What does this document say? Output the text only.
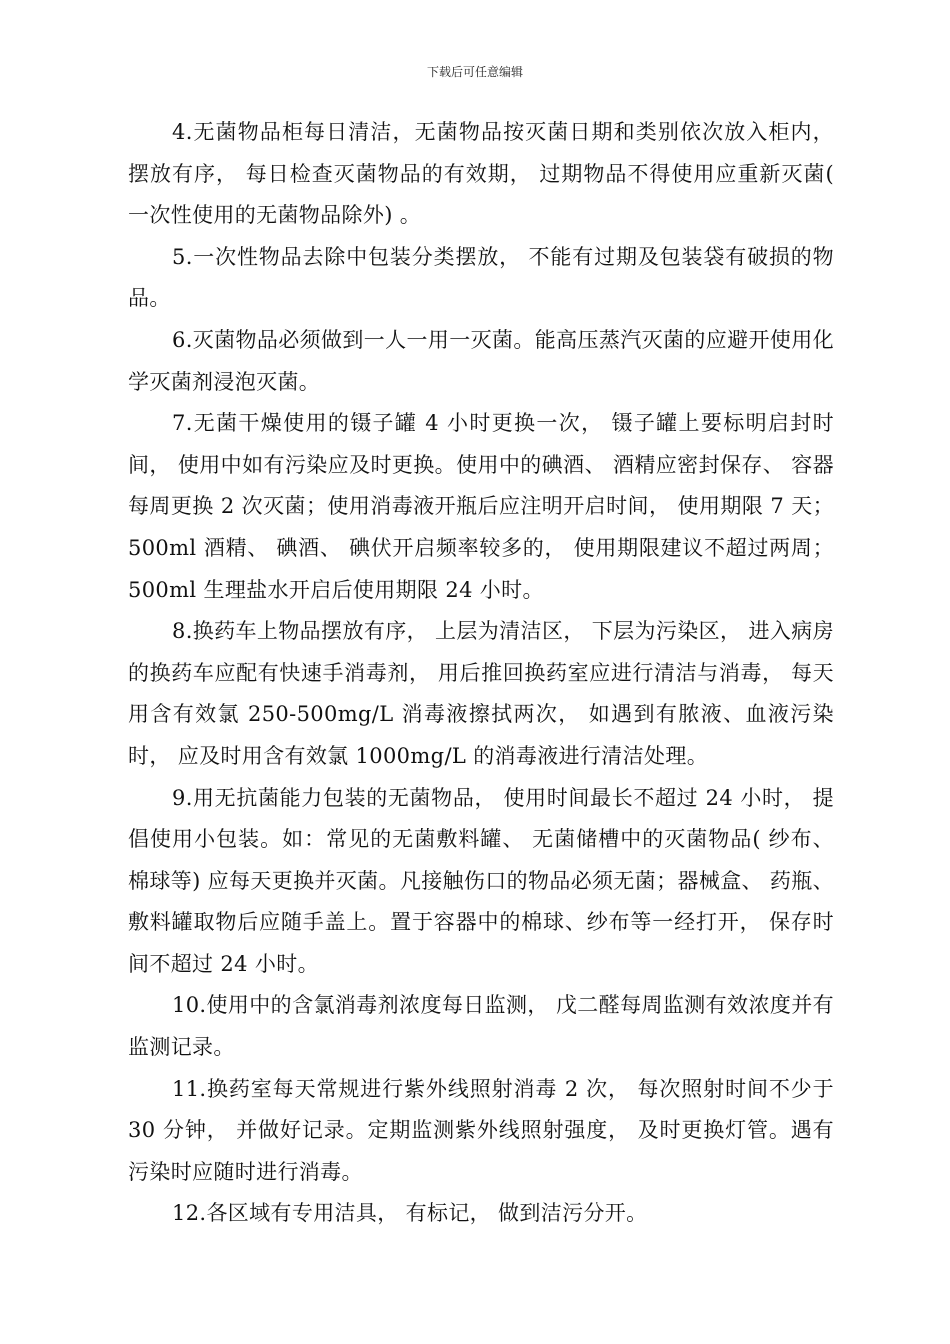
下载后可任意编辑

4.无菌物品柜每日清洁，无菌物品按灭菌日期和类别依次放入柜内， 摆放有序， 每日检查灭菌物品的有效期， 过期物品不得使用应重新灭菌( 一次性使用的无菌物品除外) 。

5.一次性物品去除中包装分类摆放， 不能有过期及包装袋有破损的物品。

6.灭菌物品必须做到一人一用一灭菌。能高压蒸汽灭菌的应避开使用化学灭菌剂浸泡灭菌。

7.无菌干燥使用的镊子罐 4 小时更换一次， 镊子罐上要标明启封时间， 使用中如有污染应及时更换。使用中的碘酒、 酒精应密封保存、 容器每周更换 2 次灭菌；使用消毒液开瓶后应注明开启时间， 使用期限 7 天；500ml 酒精、 碘酒、 碘伏开启频率较多的， 使用期限建议不超过两周；500ml 生理盐水开启后使用期限 24 小时。

8.换药车上物品摆放有序， 上层为清洁区， 下层为污染区， 进入病房的换药车应配有快速手消毒剂， 用后推回换药室应进行清洁与消毒， 每天用含有效氯 250-500mg/L 消毒液擦拭两次， 如遇到有脓液、血液污染时， 应及时用含有效氯 1000mg/L 的消毒液进行清洁处理。

9.用无抗菌能力包装的无菌物品， 使用时间最长不超过 24 小时， 提倡使用小包装。如：常见的无菌敷料罐、 无菌储槽中的灭菌物品( 纱布、 棉球等) 应每天更换并灭菌。凡接触伤口的物品必须无菌；器械盒、 药瓶、 敷料罐取物后应随手盖上。置于容器中的棉球、纱布等一经打开， 保存时间不超过 24 小时。

10.使用中的含氯消毒剂浓度每日监测， 戊二醛每周监测有效浓度并有监测记录。

11.换药室每天常规进行紫外线照射消毒 2 次， 每次照射时间不少于 30 分钟， 并做好记录。定期监测紫外线照射强度， 及时更换灯管。遇有污染时应随时进行消毒。

12.各区域有专用洁具， 有标记， 做到洁污分开。
